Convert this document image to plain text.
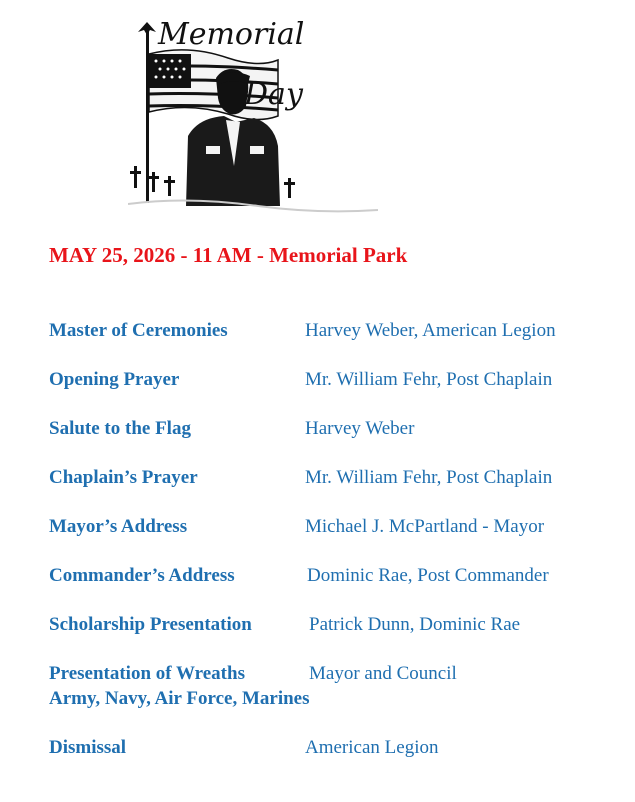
Memorial
Day
MAY 25, 2026 - 11 AM - Memorial Park
Master of Ceremonies	Harvey Weber, American Legion
Opening Prayer	Mr. William Fehr, Post Chaplain
Salute to the Flag	Harvey Weber
Chaplain’s Prayer	Mr. William Fehr, Post Chaplain
Mayor’s Address	Michael J. McPartland - Mayor
Commander’s Address	Dominic Rae, Post Commander
Scholarship Presentation	Patrick Dunn, Dominic Rae
Presentation of Wreaths	Mayor and Council
Army, Navy, Air Force, Marines
Dismissal	American Legion
